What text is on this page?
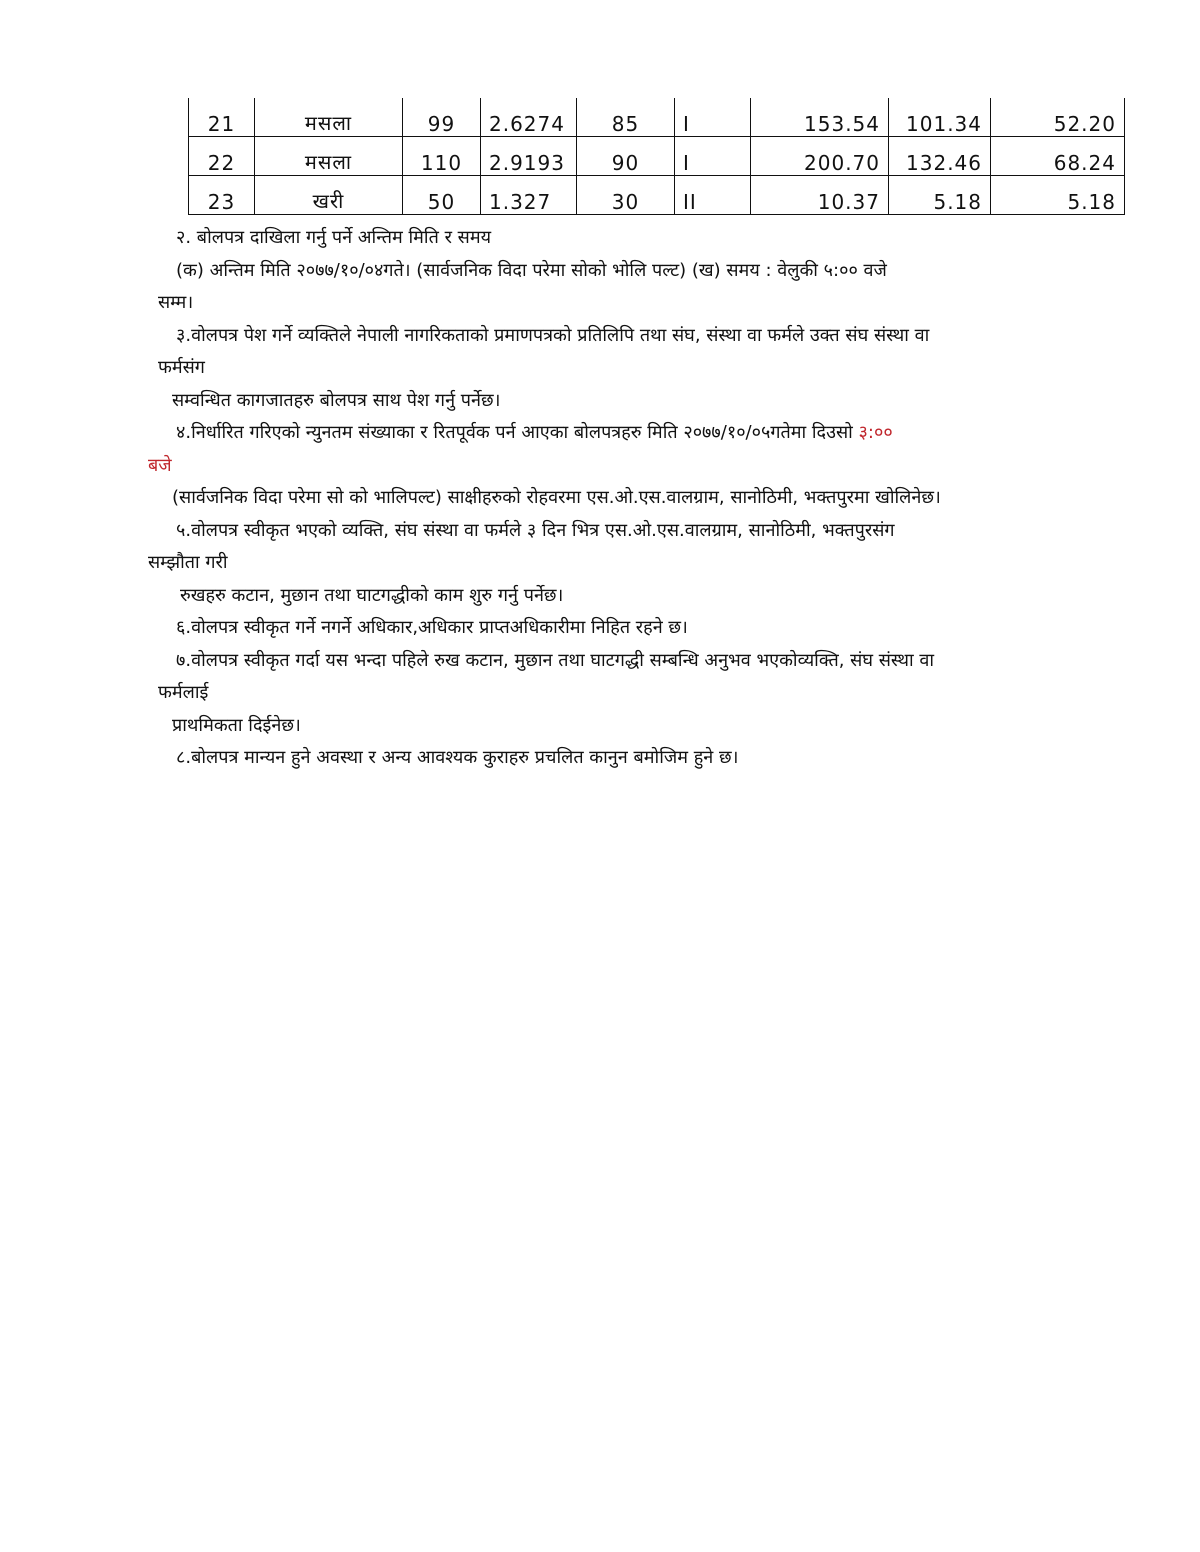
21	मसला	99	2.6274	85	I	153.54	101.34	52.20
22	मसला	110	2.9193	90	I	200.70	132.46	68.24
23	खरी	50	1.327	30	II	10.37	5.18	5.18

२. बोलपत्र दाखिला गर्नु पर्ने अन्तिम मिति र समय

(क) अन्तिम मिति २०७७/१०/०४गते। (सार्वजनिक विदा परेमा सोको भोलि पल्ट) (ख) समय : वेलुकी ५:०० वजे

सम्म।

३.वोलपत्र पेश गर्ने व्यक्तिले नेपाली नागरिकताको प्रमाणपत्रको प्रतिलिपि तथा संघ, संस्था वा फर्मले उक्त संघ संस्था वा

फर्मसंग

सम्वन्धित कागजातहरु बोलपत्र साथ पेश गर्नु पर्नेछ।

४.निर्धारित गरिएको न्युनतम संख्याका र रितपूर्वक पर्न आएका बोलपत्रहरु मिति २०७७/१०/०५गतेमा दिउसो ३:००

बजे

(सार्वजनिक विदा परेमा सो को भालिपल्ट) साक्षीहरुको रोहवरमा एस.ओ.एस.वालग्राम, सानोठिमी, भक्तपुरमा खोलिनेछ।

५.वोलपत्र स्वीकृत भएको व्यक्ति, संघ संस्था वा फर्मले ३ दिन भित्र एस.ओ.एस.वालग्राम, सानोठिमी, भक्तपुरसंग

सम्झौता गरी

रुखहरु कटान, मुछान तथा घाटगद्धीको काम शुरु गर्नु पर्नेछ।

६.वोलपत्र स्वीकृत गर्ने नगर्ने अधिकार,अधिकार प्राप्तअधिकारीमा निहित रहने छ।

७.वोलपत्र स्वीकृत गर्दा यस भन्दा पहिले रुख कटान, मुछान तथा घाटगद्धी सम्बन्धि अनुभव भएकोव्यक्ति, संघ संस्था वा

फर्मलाई

प्राथमिकता दिईनेछ।

८.बोलपत्र मान्यन हुने अवस्था र अन्य आवश्यक कुराहरु प्रचलित कानुन बमोजिम हुने छ।
